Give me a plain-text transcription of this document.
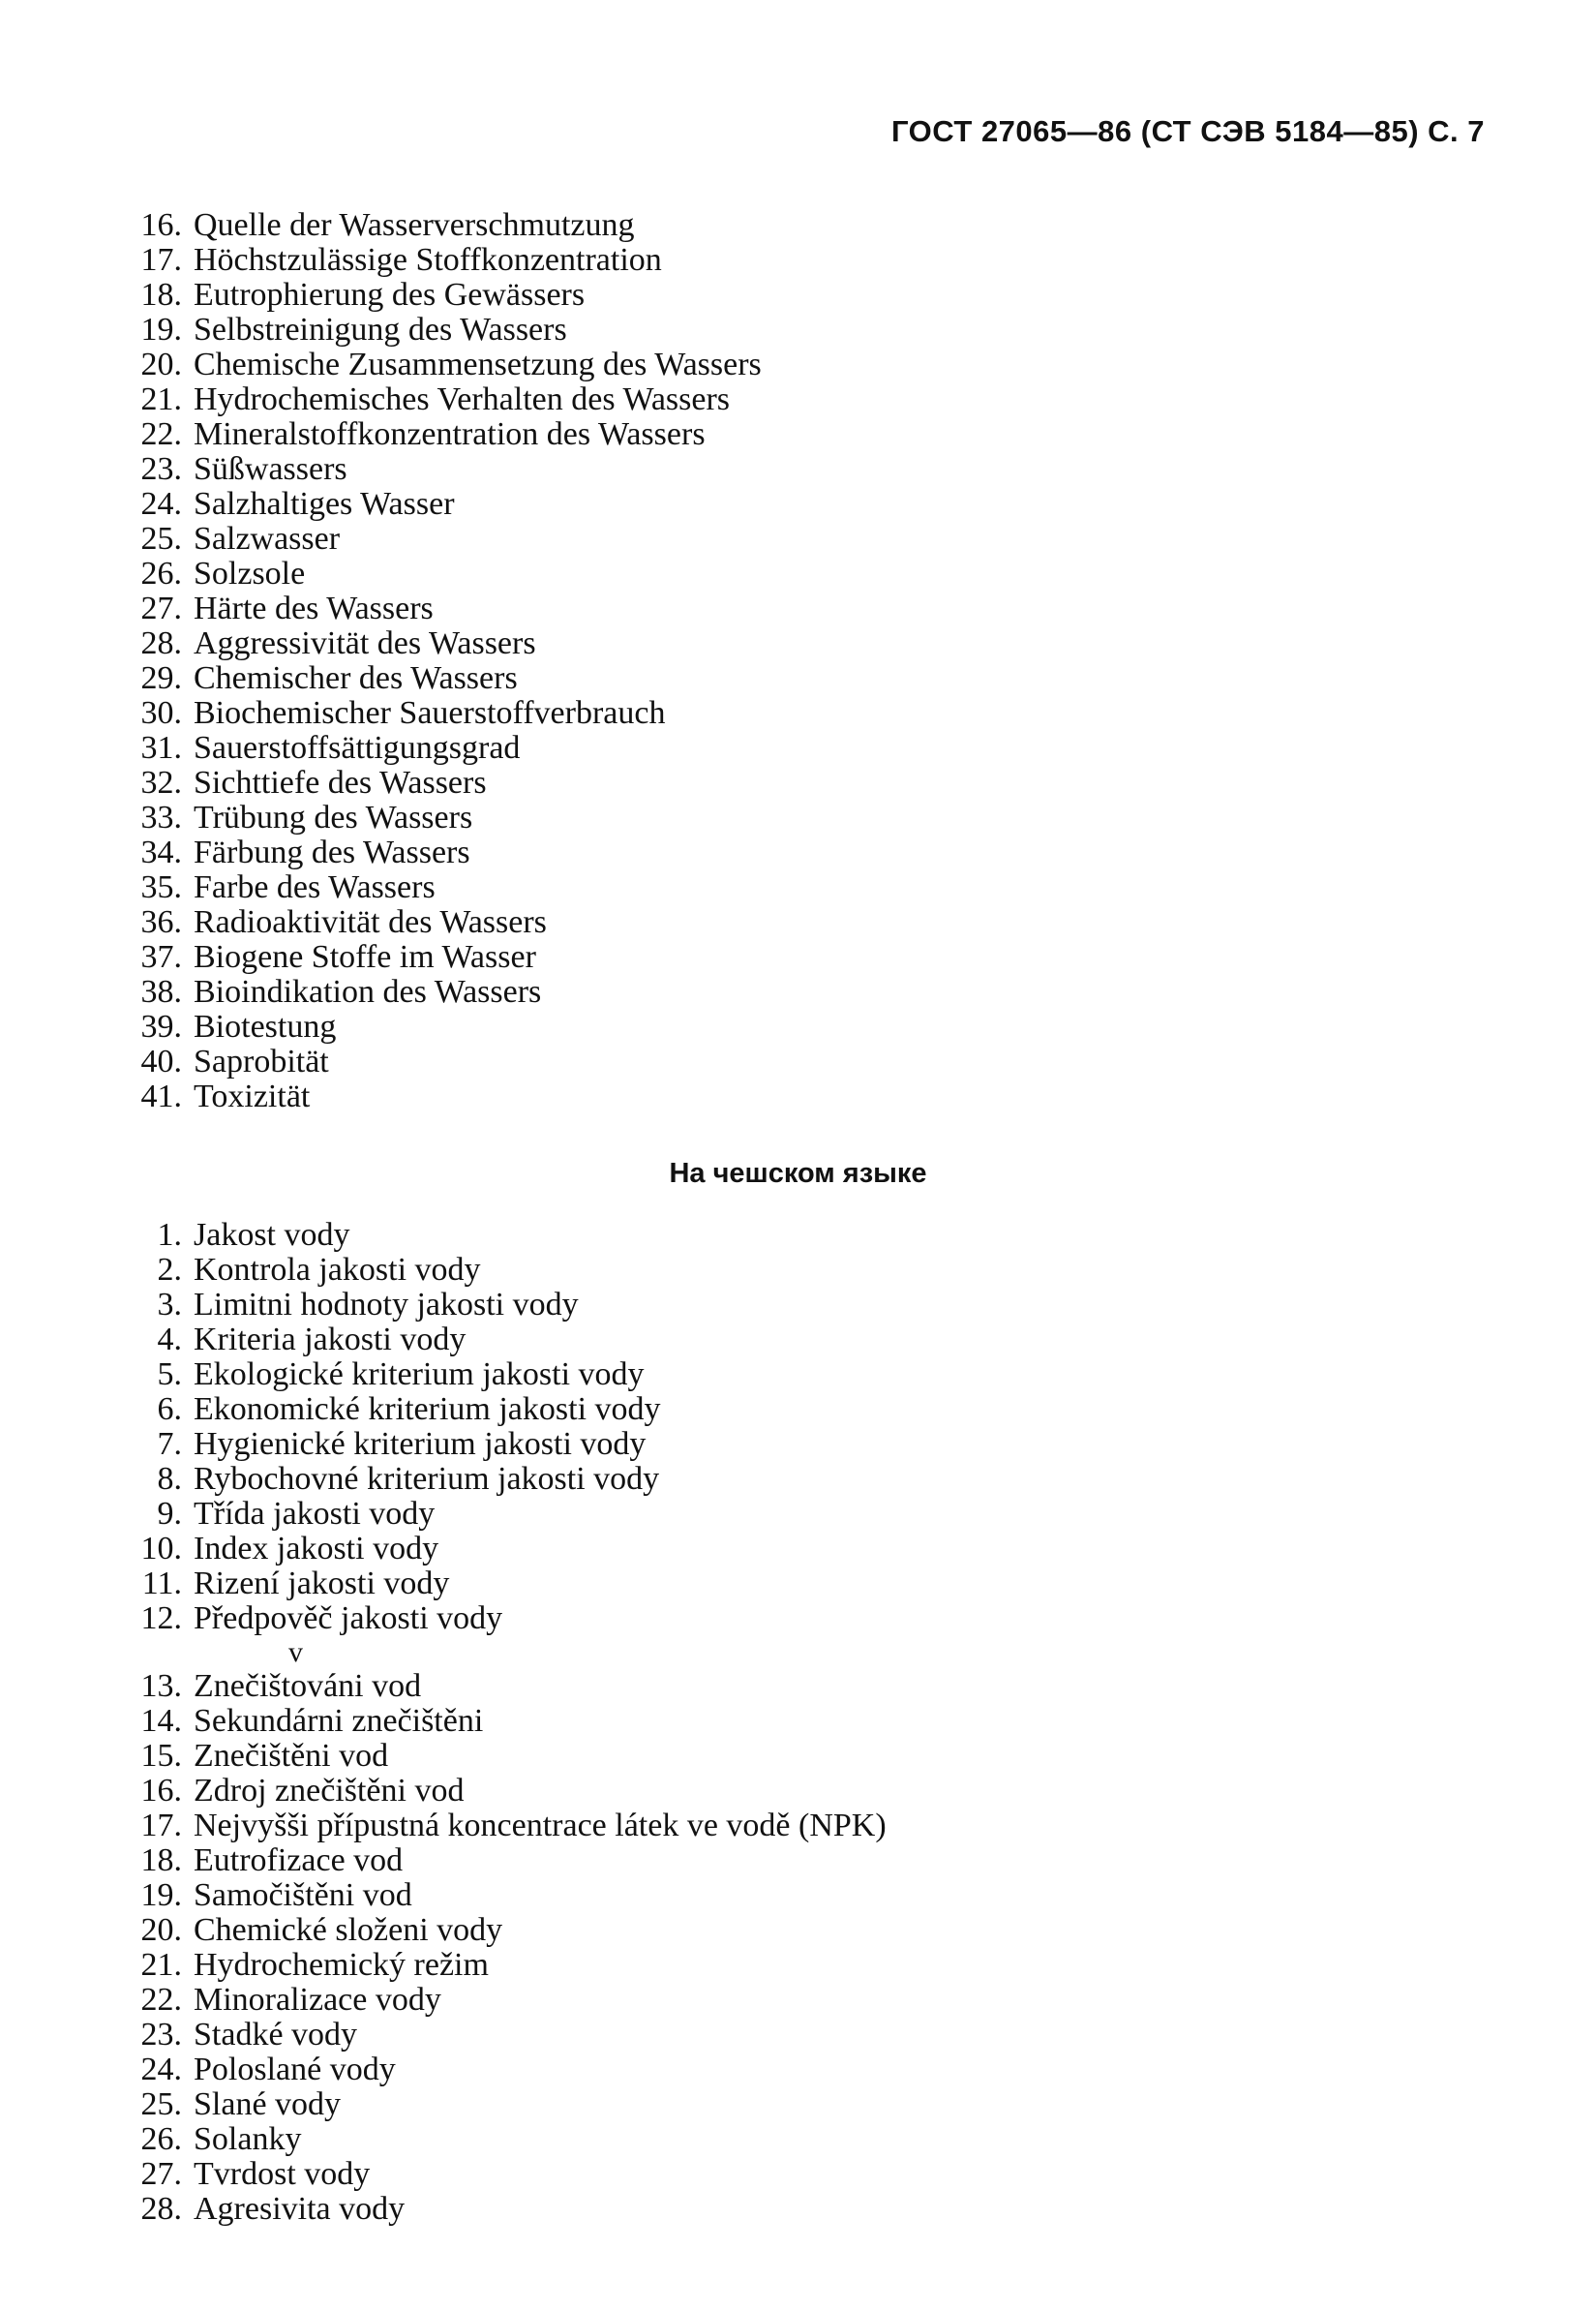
ГОСТ 27065—86 (СТ СЭВ 5184—85) С. 7
16. Quelle der Wasserverschmutzung
17. Höchstzulässige Stoffkonzentration
18. Eutrophierung des Gewässers
19. Selbstreinigung des Wassers
20. Chemische Zusammensetzung des Wassers
21. Hydrochemisches Verhalten des Wassers
22. Mineralstoffkonzentration des Wassers
23. Süßwassers
24. Salzhaltiges Wasser
25. Salzwasser
26. Solzsole
27. Härte des Wassers
28. Aggressivität des Wassers
29. Chemischer des Wassers
30. Biochemischer Sauerstoffverbrauch
31. Sauerstoffsättigungsgrad
32. Sichttiefe des Wassers
33. Trübung des Wassers
34. Färbung des Wassers
35. Farbe des Wassers
36. Radioaktivität des Wassers
37. Biogene Stoffe im Wasser
38. Bioindikation des Wassers
39. Biotestung
40. Saprobität
41. Toxizität
На чешском языке
1. Jakost vody
2. Kontrola jakosti vody
3. Limitni hodnoty jakosti vody
4. Kriteria jakosti vody
5. Ekologické kriterium jakosti vody
6. Ekonomické kriterium jakosti vody
7. Hygienické kriterium jakosti vody
8. Rybochovné kriterium jakosti vody
9. Třída jakosti vody
10. Index jakosti vody
11. Rizení jakosti vody
12. Předpověč jakosti vody
v
13. Znečištováni vod
14. Sekundárni znečištěni
15. Znečištěni vod
16. Zdroj znečištěni vod
17. Nejvyšši přípustná koncentrace látek ve vodě (NPK)
18. Eutrofizace vod
19. Samočištěni vod
20. Chemické složeni vody
21. Hydrochemický režim
22. Minoralizace vody
23. Stadké vody
24. Poloslané vody
25. Slané vody
26. Solanky
27. Tvrdost vody
28. Agresivita vody
